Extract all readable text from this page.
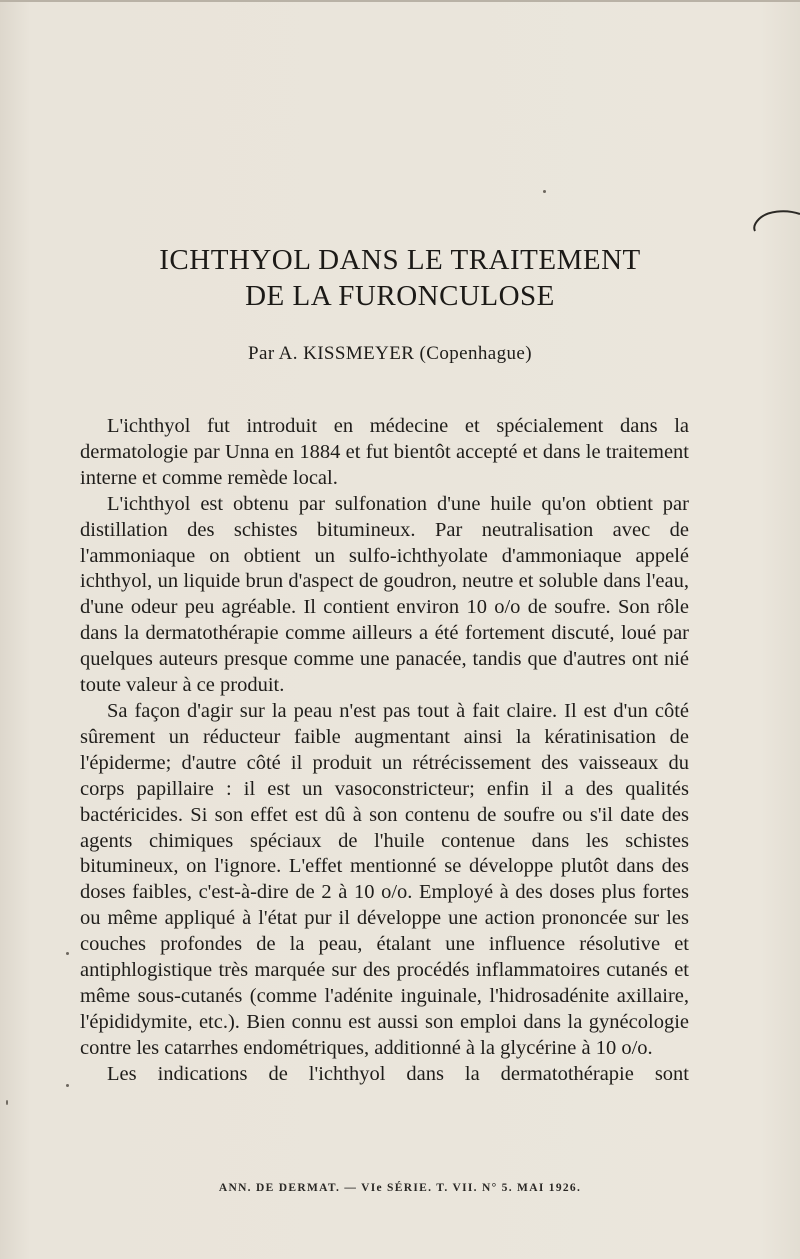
ICHTHYOL DANS LE TRAITEMENT
DE LA FURONCULOSE
Par A. KISSMEYER (Copenhague)

L'ichthyol fut introduit en médecine et spécialement dans la dermatologie par Unna en 1884 et fut bientôt accepté et dans le traitement interne et comme remède local.

L'ichthyol est obtenu par sulfonation d'une huile qu'on obtient par distillation des schistes bitumineux. Par neutralisation avec de l'ammoniaque on obtient un sulfo-ichthyolate d'ammoniaque appelé ichthyol, un liquide brun d'aspect de goudron, neutre et soluble dans l'eau, d'une odeur peu agréable. Il contient environ 10 o/o de soufre. Son rôle dans la dermatothérapie comme ailleurs a été fortement discuté, loué par quelques auteurs presque comme une panacée, tandis que d'autres ont nié toute valeur à ce produit.

Sa façon d'agir sur la peau n'est pas tout à fait claire. Il est d'un côté sûrement un réducteur faible augmentant ainsi la kératinisation de l'épiderme; d'autre côté il produit un rétrécissement des vaisseaux du corps papillaire : il est un vasoconstricteur; enfin il a des qualités bactéricides. Si son effet est dû à son contenu de soufre ou s'il date des agents chimiques spéciaux de l'huile contenue dans les schistes bitumineux, on l'ignore. L'effet mentionné se développe plutôt dans des doses faibles, c'est-à-dire de 2 à 10 o/o. Employé à des doses plus fortes ou même appliqué à l'état pur il développe une action prononcée sur les couches profondes de la peau, étalant une influence résolutive et antiphlogistique très marquée sur des procédés inflammatoires cutanés et même sous-cutanés (comme l'adénite inguinale, l'hidrosadénite axillaire, l'épididymite, etc.). Bien connu est aussi son emploi dans la gynécologie contre les catarrhes endométriques, additionné à la glycérine à 10 o/o.

Les indications de l'ichthyol dans la dermatothérapie sont

ANN. DE DERMAT. — VIe SÉRIE. T. VII. N° 5. MAI 1926.
